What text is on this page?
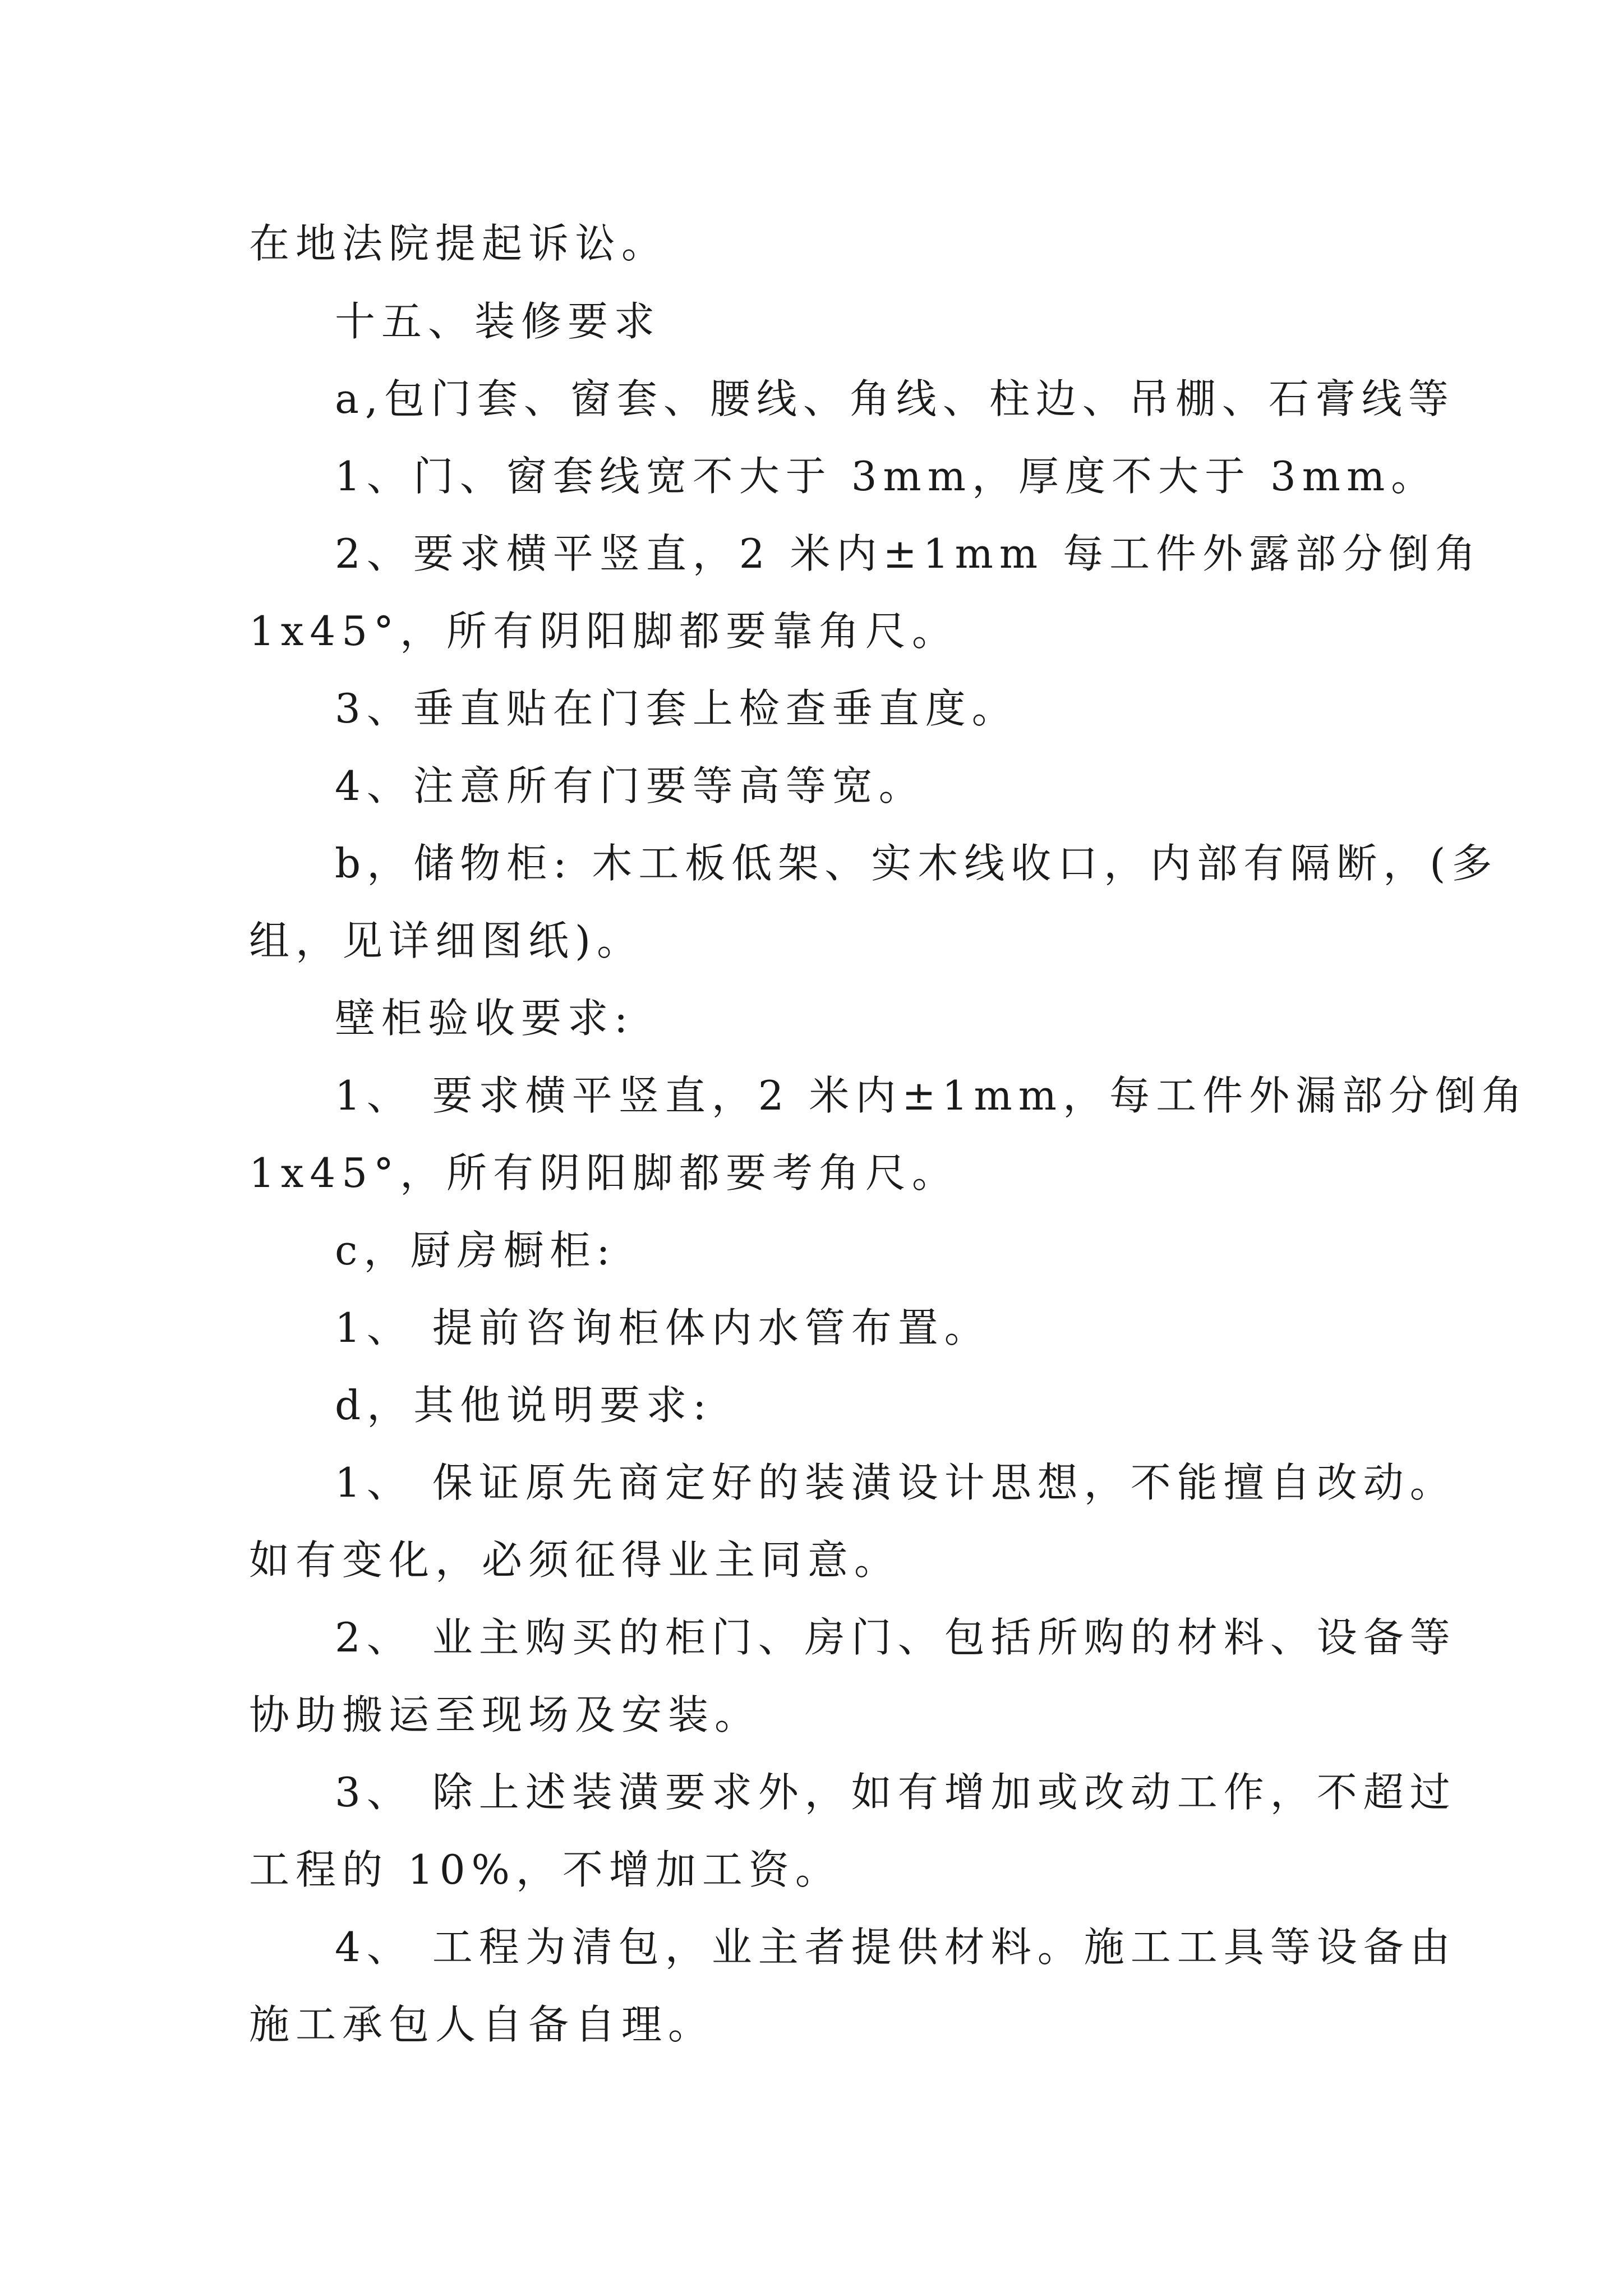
在地法院提起诉讼。
十五、装修要求
a,包门套、窗套、腰线、角线、柱边、吊棚、石膏线等
1、门、窗套线宽不大于 3mm，厚度不大于 3mm。
2、要求横平竖直，2 米内±1mm 每工件外露部分倒角
1x45°，所有阴阳脚都要靠角尺。
3、垂直贴在门套上检查垂直度。
4、注意所有门要等高等宽。
b，储物柜: 木工板低架、实木线收口，内部有隔断，(多
组，见详细图纸)。
壁柜验收要求:
1、 要求横平竖直，2 米内±1mm，每工件外漏部分倒角
1x45°，所有阴阳脚都要考角尺。
c，厨房橱柜:
1、 提前咨询柜体内水管布置。
d，其他说明要求:
1、 保证原先商定好的装潢设计思想，不能擅自改动。
如有变化，必须征得业主同意。
2、 业主购买的柜门、房门、包括所购的材料、设备等
协助搬运至现场及安装。
3、 除上述装潢要求外，如有增加或改动工作，不超过
工程的 10%，不增加工资。
4、 工程为清包，业主者提供材料。施工工具等设备由
施工承包人自备自理。
